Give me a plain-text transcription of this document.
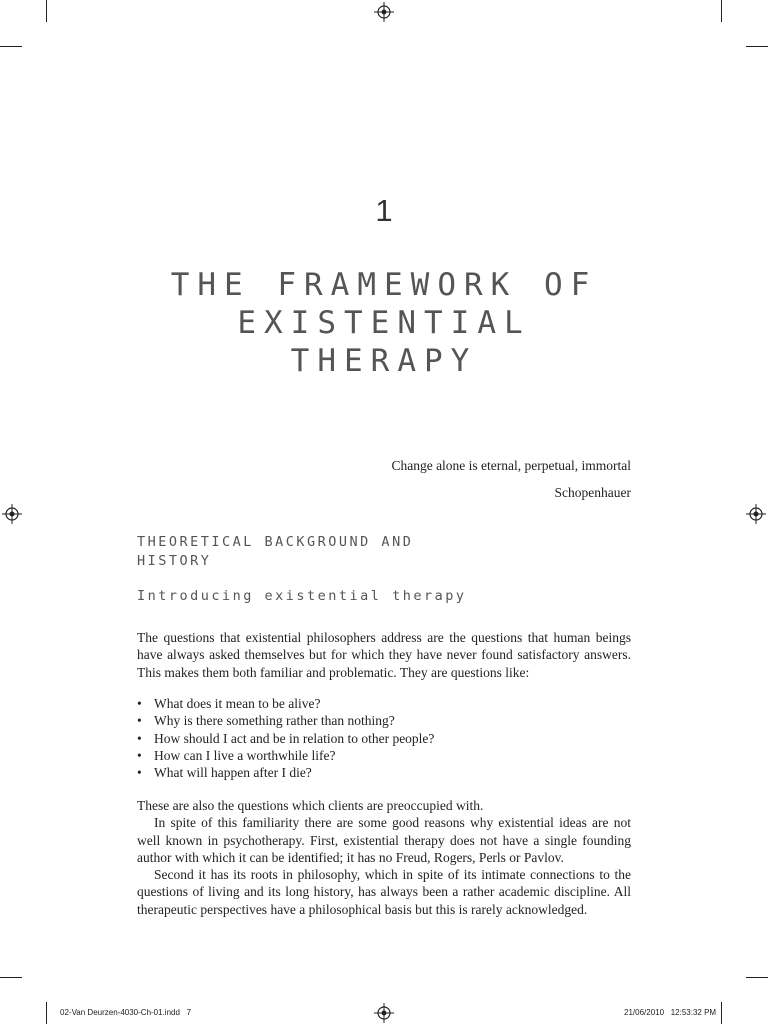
1
THE FRAMEWORK OF
EXISTENTIAL
THERAPY
Change alone is eternal, perpetual, immortal
Schopenhauer
THEORETICAL BACKGROUND AND
HISTORY
Introducing existential therapy
The questions that existential philosophers address are the questions that human beings have always asked themselves but for which they have never found satisfactory answers. This makes them both familiar and problematic. They are questions like:
• What does it mean to be alive?
• Why is there something rather than nothing?
• How should I act and be in relation to other people?
• How can I live a worthwhile life?
• What will happen after I die?
These are also the questions which clients are preoccupied with.
In spite of this familiarity there are some good reasons why existential ideas are not well known in psychotherapy. First, existential therapy does not have a single founding author with which it can be identified; it has no Freud, Rogers, Perls or Pavlov.
Second it has its roots in philosophy, which in spite of its intimate connections to the questions of living and its long history, has always been a rather academic discipline. All therapeutic perspectives have a philosophical basis but this is rarely acknowledged.
02-Van Deurzen-4030-Ch-01.indd   7	21/06/2010   12:53:32 PM
